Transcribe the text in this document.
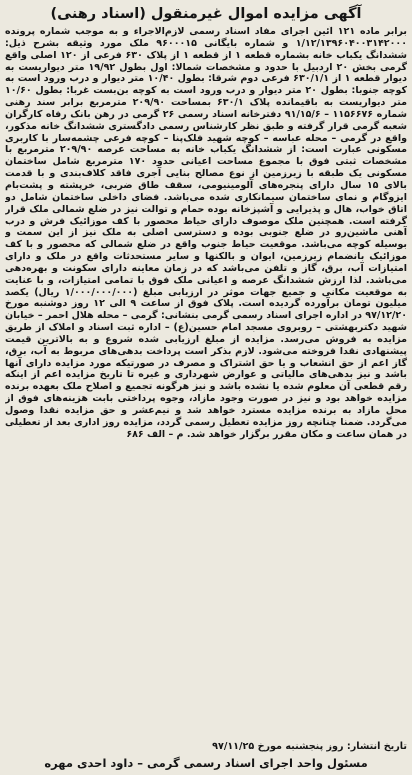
آگهی مزایده اموال غیرمنقول (اسناد رهنی)

برابر ماده ۱۲۱ آئین اجرای مفاد اسناد رسمی لازم‌الاجراء و به موجب شماره پرونده ۱/۱۲/۱۳۹۶۰۴۰۰۳۱۴۲۰۰۰ و شماره بایگانی ۹۶۰۰۰۱۵ ملک مورد وثیقه بشرح ذیل: ششدانگ یکباب خانه بشماره قطعه ۱ از قطعه ۱ از پلاک ۶۳۰ فرعی از ۱۲۰ اصلی واقع گرمی بخش ۲۰ اردبیل با حدود و مشخصات شمالا: اول بطول ۱۹/۹۲ متر دیواریست به دیوار قطعه ۱ از ۶۳۰/۱/۱ فرعی دوم شرقا: بطول ۱۰/۴۰ متر دیوار و درب ورود است به کوچه جنوبا: بطول ۲۰ متر دیوار و درب ورود است به کوچه بن‌بست غربا: بطول ۱۰/۶۰ متر دیواریست به باقیمانده پلاک ۶۳۰/۱ بمساحت ۲۰۹/۹۰ مترمربع برابر سند رهنی شماره ۱۱۵۶۶۷۶ – ۹۱/۱۵/۶ دفترخانه اسناد رسمی ۲۶ گرمی در رهن بانک رفاه کارگران شعبه گرمی قرار گرفته و طبق نظر کارشناس رسمی دادگستری ششدانگ خانه مذکور، واقع در گرمی – محله عباسه – کوچه شهید فلک‌پنا – کوچه فرعی چشمه‌سار با کاربری مسکونی عبارت است: از ششدانگ یکباب خانه به مساحت عرصه ۲۰۹/۹۰ مترمربع با مشخصات ثبتی فوق با مجموع مساحت اعیانی حدود ۱۷۰ مترمربع شامل ساختمان مسکونی یک طبقه با زیرزمین از نوع مصالح بنایی آجری فاقد کلاف‌بندی و با قدمت بالای ۱۵ سال دارای پنجره‌های آلومینیومی، سقف طاق ضربی، خرپشته و پشت‌بام ایزوگام و نمای ساختمان سیمانکاری شده می‌باشد. فضای داخلی ساختمان شامل دو اتاق خواب، هال و پذیرایی و آشپزخانه بوده حمام و توالت نیز در ضلع شمالی ملک قرار گرفته است. همچنین ملک موصوف دارای حیاط محصور با کف موزائیک فرش و درب آهنی ماشین‌رو در ضلع جنوبی بوده و دسترسی اصلی به ملک نیز از این سمت و بوسیله کوچه می‌باشد. موقعیت حیاط جنوب واقع در ضلع شمالی که محصور و با کف موزائیک بانضمام زیرزمین، ایوان و بالکنها و سایر مستحدثات واقع در ملک و دارای امتیازات آب، برق، گاز و تلفن می‌باشد که در زمان معاینه دارای سکونت و بهره‌دهی می‌باشد. لذا ارزش ششدانگ عرصه و اعیانی ملک فوق با تمامی امتیازات، و با عنایت به موقعیت مکانی و جمیع جهات موثر در ارزیابی مبلغ (۱/۰۰۰/۰۰۰/۰۰۰ ریال) یکصد میلیون تومان برآورده گردیده است. پلاک فوق از ساعت ۹ الی ۱۲ روز دوشنبه مورخ ۹۷/۱۲/۲۰ در اداره اجرای اسناد رسمی گرمی بنشانی: گرمی – محله هلال احمر – خیابان شهید دکتربهشتی – روبروی مسجد امام حسین(ع) – اداره ثبت اسناد و املاک از طریق مزایده به فروش می‌رسد. مزایده از مبلغ ارزیابی شده شروع و به بالاترین قیمت پیشنهادی نقدا فروخته می‌شود. لازم بذکر است پرداخت بدهی‌های مربوط به آب، برق، گاز اعم از حق انشعاب و یا حق اشتراک و مصرف در صورتیکه مورد مزایده دارای آنها باشد و نیز بدهی‌های مالیاتی و عوارض شهرداری و غیره تا تاریخ مزایده اعم از اینکه رقم قطعی آن معلوم شده یا نشده باشد و نیز هرگونه تجمیع و اصلاح ملک بعهده برنده مزایده خواهد بود و نیز در صورت وجود مازاد، وجوه پرداختی بابت هزینه‌های فوق از محل مازاد به برنده مزایده مسترد خواهد شد و نیم‌عشر و حق مزایده نقدا وصول می‌گردد. ضمنا چنانچه روز مزایده تعطیل رسمی گردد، مزایده روز اداری بعد از تعطیلی در همان ساعت و مکان مقرر برگزار خواهد شد. م – الف ۶۸۶

تاریخ انتشار: روز پنجشنبه مورخ ۹۷/۱۱/۲۵
مسئول واحد اجرای اسناد رسمی گرمی – داود احدی مهره
